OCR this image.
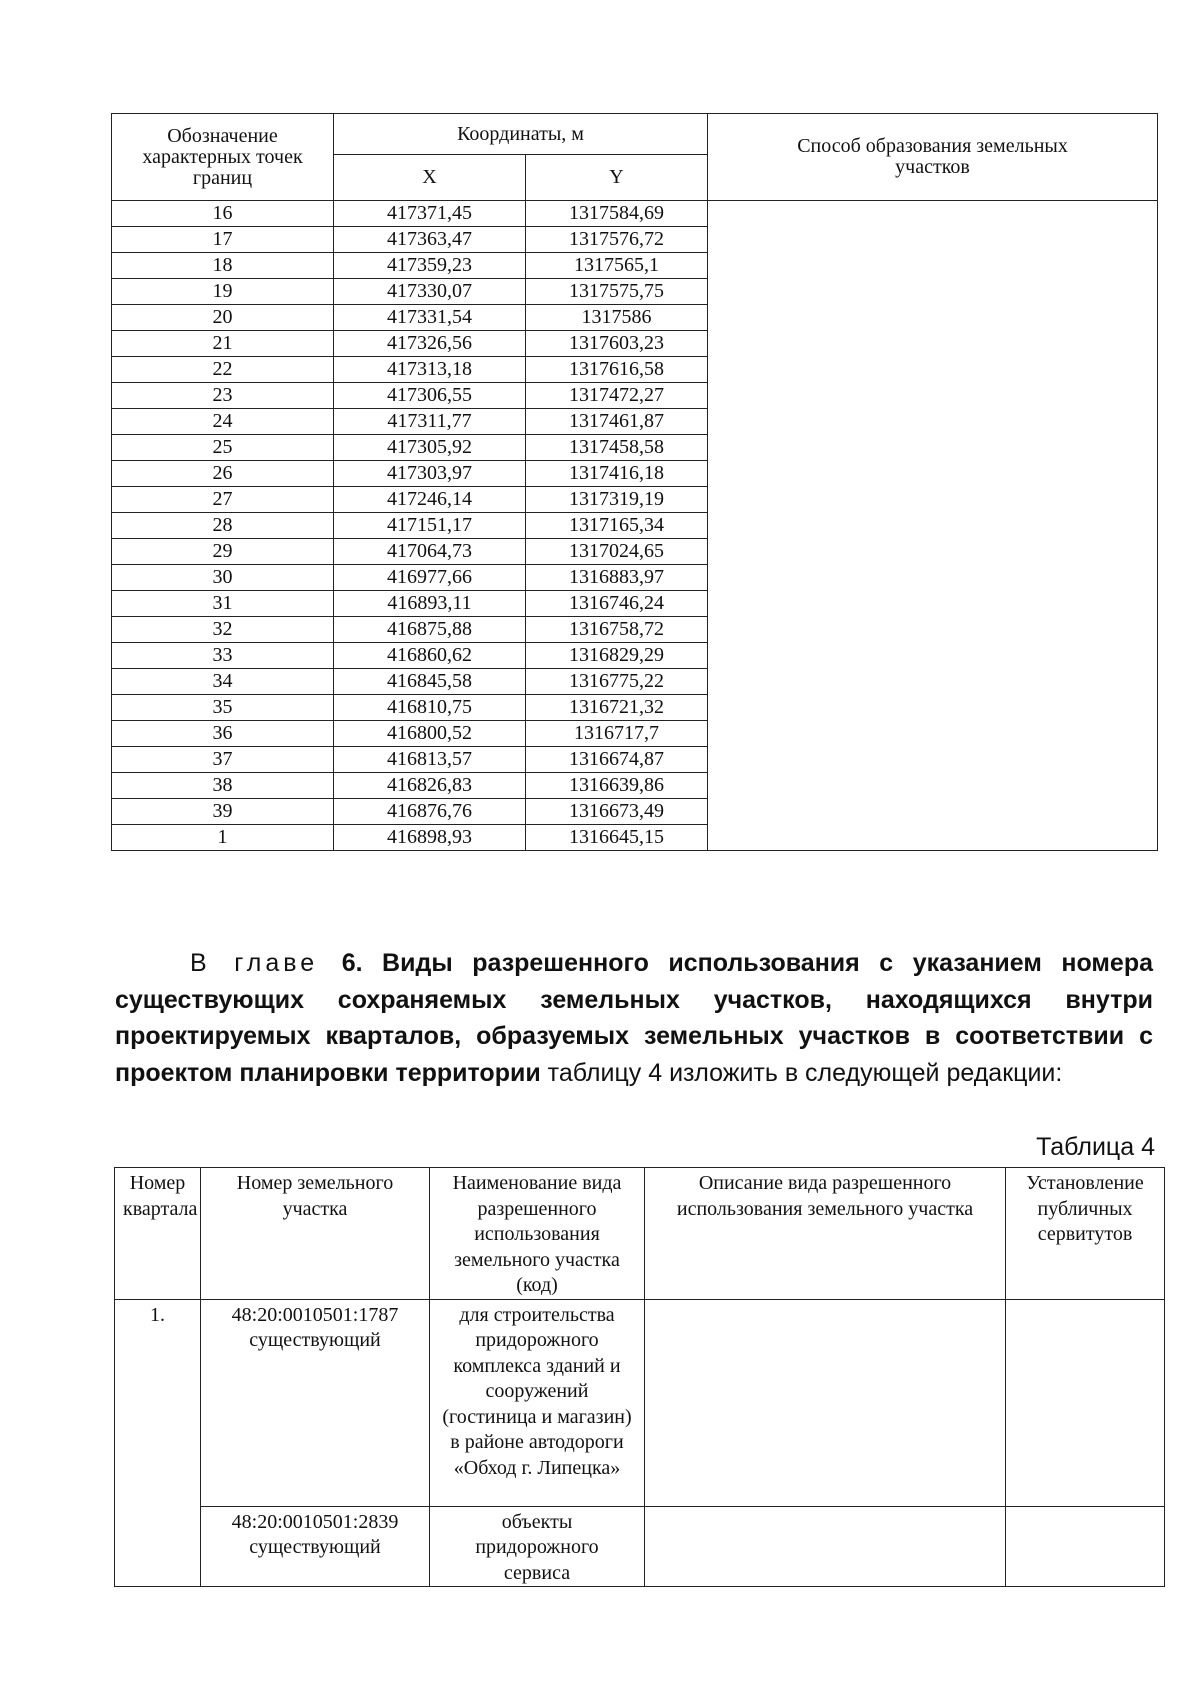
Обозначение характерных точек границ	Координаты, м		Способ образования земельных участков
	X	Y	
16	417371,45	1317584,69	
17	417363,47	1317576,72	
18	417359,23	1317565,1	
19	417330,07	1317575,75	
20	417331,54	1317586	
21	417326,56	1317603,23	
22	417313,18	1317616,58	
23	417306,55	1317472,27	
24	417311,77	1317461,87	
25	417305,92	1317458,58	
26	417303,97	1317416,18	
27	417246,14	1317319,19	
28	417151,17	1317165,34	
29	417064,73	1317024,65	
30	416977,66	1316883,97	
31	416893,11	1316746,24	
32	416875,88	1316758,72	
33	416860,62	1316829,29	
34	416845,58	1316775,22	
35	416810,75	1316721,32	
36	416800,52	1316717,7	
37	416813,57	1316674,87	
38	416826,83	1316639,86	
39	416876,76	1316673,49	
1	416898,93	1316645,15	

В главе 6. Виды разрешенного использования с указанием номера существующих сохраняемых земельных участков, находящихся внутри проектируемых кварталов, образуемых земельных участков в соответствии с проектом планировки территории таблицу 4 изложить в следующей редакции:

Таблица 4
Номер квартала	Номер земельного участка	Наименование вида разрешенного использования земельного участка (код)	Описание вида разрешенного использования земельного участка	Установление публичных сервитутов
1.	48:20:0010501:1787 существующий	для строительства придорожного комплекса зданий и сооружений (гостиница и магазин) в районе автодороги «Обход г. Липецка»		
	48:20:0010501:2839 существующий	объекты придорожного сервиса		
